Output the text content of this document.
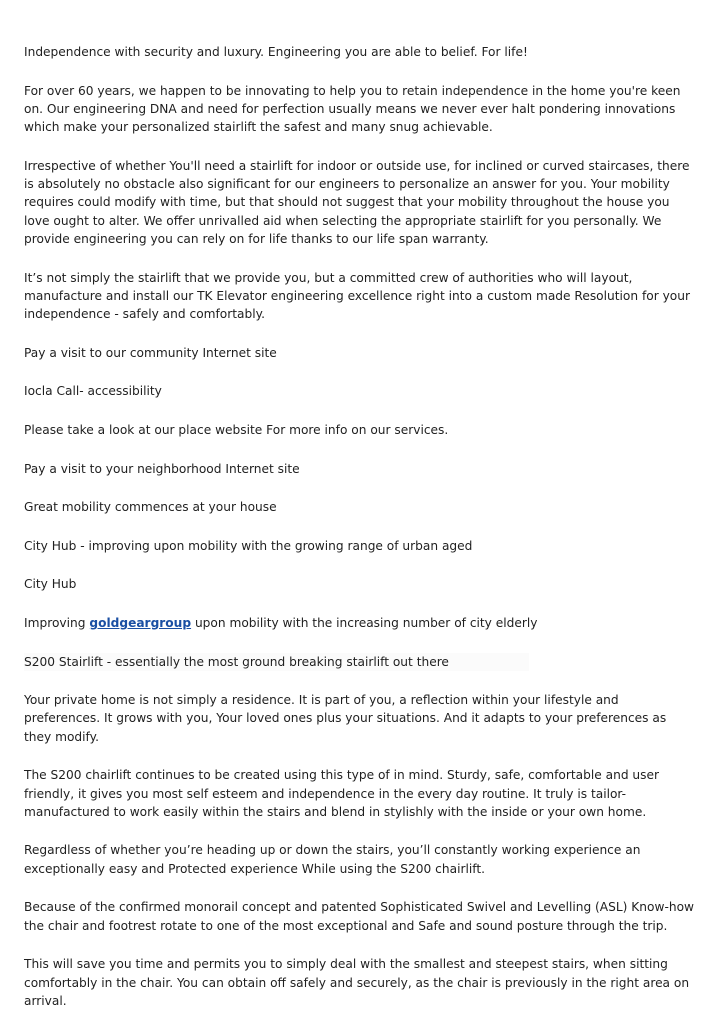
Independence with security and luxury. Engineering you are able to belief. For life!

For over 60 years, we happen to be innovating to help you to retain independence in the home you're keen on. Our engineering DNA and need for perfection usually means we never ever halt pondering innovations which make your personalized stairlift the safest and many snug achievable.

Irrespective of whether You'll need a stairlift for indoor or outside use, for inclined or curved staircases, there is absolutely no obstacle also significant for our engineers to personalize an answer for you. Your mobility requires could modify with time, but that should not suggest that your mobility throughout the house you love ought to alter. We offer unrivalled aid when selecting the appropriate stairlift for you personally. We provide engineering you can rely on for life thanks to our life span warranty.

It’s not simply the stairlift that we provide you, but a committed crew of authorities who will layout, manufacture and install our TK Elevator engineering excellence right into a custom made Resolution for your independence - safely and comfortably.

Pay a visit to our community Internet site

Iocla Call- accessibility

Please take a look at our place website For more info on our services.

Pay a visit to your neighborhood Internet site

Great mobility commences at your house

City Hub - improving upon mobility with the growing range of urban aged

City Hub

Improving goldgeargroup upon mobility with the increasing number of city elderly

S200 Stairlift - essentially the most ground breaking stairlift out there

Your private home is not simply a residence. It is part of you, a reflection within your lifestyle and preferences. It grows with you, Your loved ones plus your situations. And it adapts to your preferences as they modify.

The S200 chairlift continues to be created using this type of in mind. Sturdy, safe, comfortable and user friendly, it gives you most self esteem and independence in the every day routine. It truly is tailor-manufactured to work easily within the stairs and blend in stylishly with the inside or your own home.

Regardless of whether you’re heading up or down the stairs, you’ll constantly working experience an exceptionally easy and Protected experience While using the S200 chairlift.

Because of the confirmed monorail concept and patented Sophisticated Swivel and Levelling (ASL) Know-how the chair and footrest rotate to one of the most exceptional and Safe and sound posture through the trip.

This will save you time and permits you to simply deal with the smallest and steepest stairs, when sitting comfortably in the chair. You can obtain off safely and securely, as the chair is previously in the right area on arrival.
